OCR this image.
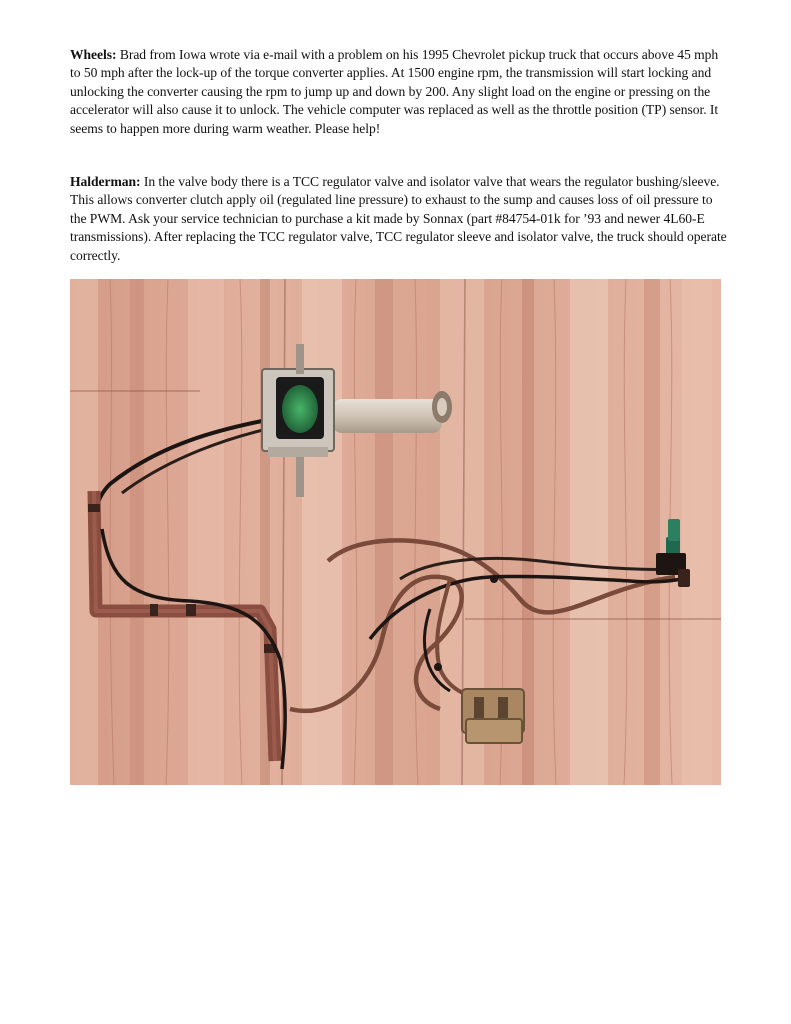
Wheels: Brad from Iowa wrote via e-mail with a problem on his 1995 Chevrolet pickup truck that occurs above 45 mph to 50 mph after the lock-up of the torque converter applies. At 1500 engine rpm, the transmission will start locking and unlocking the converter causing the rpm to jump up and down by 200. Any slight load on the engine or pressing on the accelerator will also cause it to unlock. The vehicle computer was replaced as well as the throttle position (TP) sensor. It seems to happen more during warm weather. Please help!

Halderman: In the valve body there is a TCC regulator valve and isolator valve that wears the regulator bushing/sleeve. This allows converter clutch apply oil (regulated line pressure) to exhaust to the sump and causes loss of oil pressure to the PWM. Ask your service technician to purchase a kit made by Sonnax (part #84754-01k for ’93 and newer 4L60-E transmissions). After replacing the TCC regulator valve, TCC regulator sleeve and isolator valve, the truck should operate correctly.
